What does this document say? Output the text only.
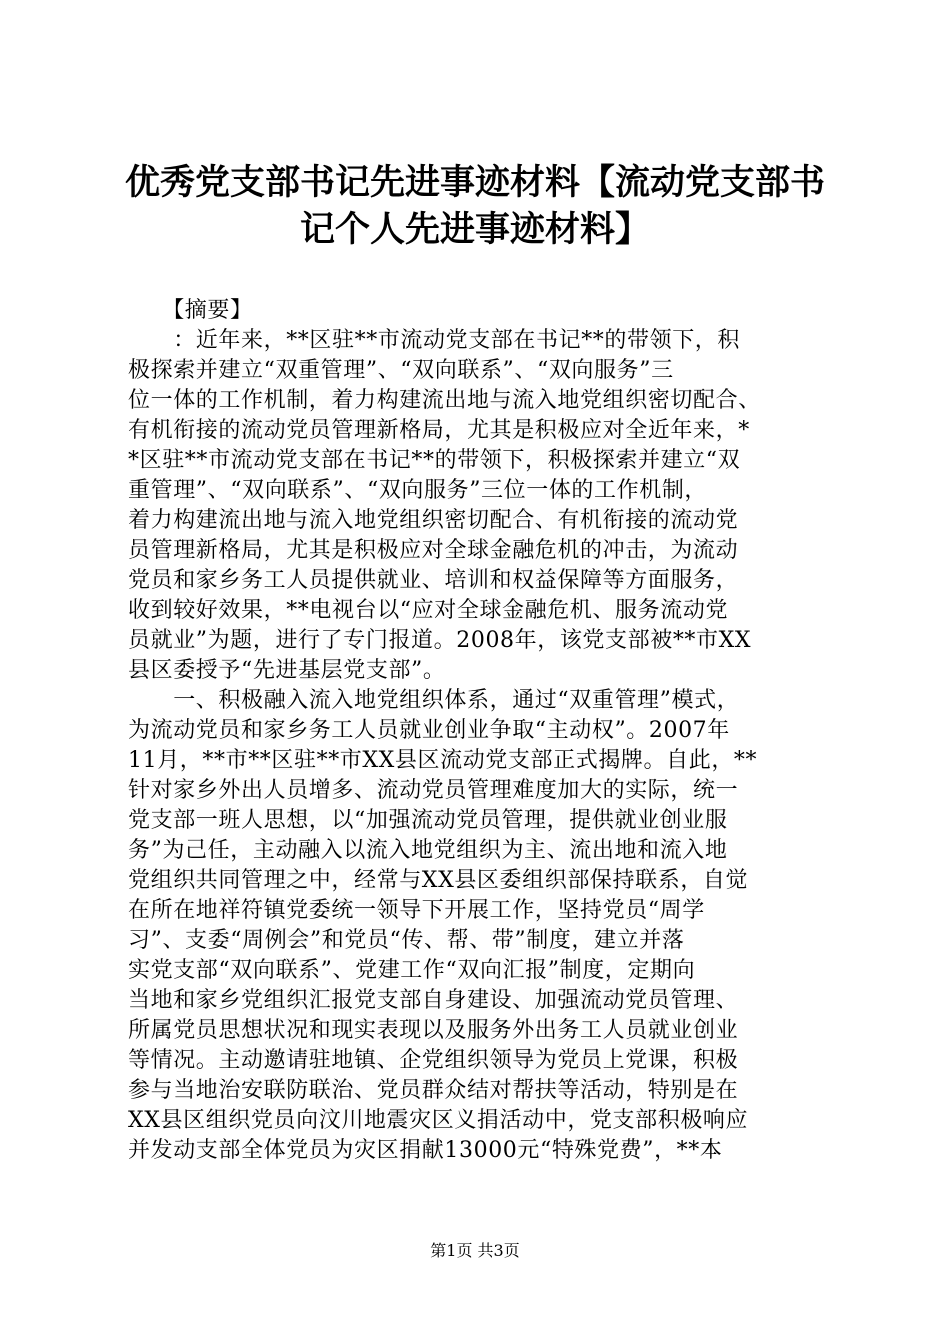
优秀党支部书记先进事迹材料【流动党支部书
记个人先进事迹材料】
　　【摘要】
　　：近年来，**区驻**市流动党支部在书记**的带领下，积
极探索并建立“双重管理”、“双向联系”、“双向服务”三
位一体的工作机制，着力构建流出地与流入地党组织密切配合、
有机衔接的流动党员管理新格局，尤其是积极应对全近年来，*
*区驻**市流动党支部在书记**的带领下，积极探索并建立“双
重管理”、“双向联系”、“双向服务”三位一体的工作机制，
着力构建流出地与流入地党组织密切配合、有机衔接的流动党
员管理新格局，尤其是积极应对全球金融危机的冲击，为流动
党员和家乡务工人员提供就业、培训和权益保障等方面服务，
收到较好效果，**电视台以“应对全球金融危机、服务流动党
员就业”为题，进行了专门报道。2008年，该党支部被**市XX
县区委授予“先进基层党支部”。
　　一、积极融入流入地党组织体系，通过“双重管理”模式，
为流动党员和家乡务工人员就业创业争取“主动权”。2007年
11月，**市**区驻**市XX县区流动党支部正式揭牌。自此，**
针对家乡外出人员增多、流动党员管理难度加大的实际，统一
党支部一班人思想，以“加强流动党员管理，提供就业创业服
务”为己任，主动融入以流入地党组织为主、流出地和流入地
党组织共同管理之中，经常与XX县区委组织部保持联系，自觉
在所在地祥符镇党委统一领导下开展工作，坚持党员“周学
习”、支委“周例会”和党员“传、帮、带”制度，建立并落
实党支部“双向联系”、党建工作“双向汇报”制度，定期向
当地和家乡党组织汇报党支部自身建设、加强流动党员管理、
所属党员思想状况和现实表现以及服务外出务工人员就业创业
等情况。主动邀请驻地镇、企党组织领导为党员上党课，积极
参与当地治安联防联治、党员群众结对帮扶等活动，特别是在
XX县区组织党员向汶川地震灾区义捐活动中，党支部积极响应
并发动支部全体党员为灾区捐献13000元“特殊党费”，**本
第1页 共3页
